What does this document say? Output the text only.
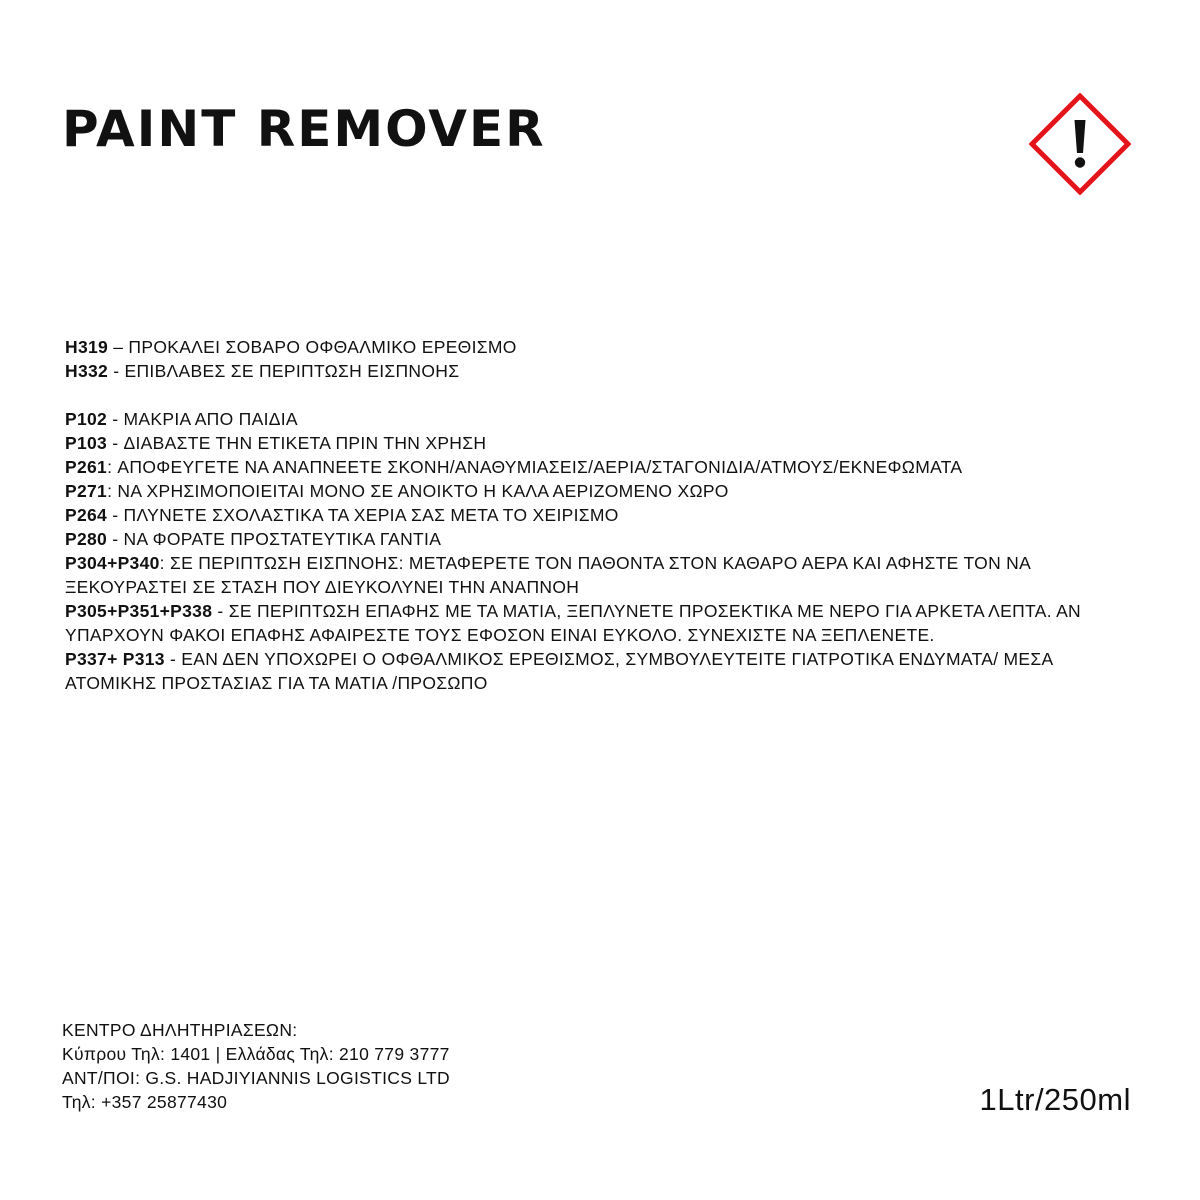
PAINT REMOVER

H319 – ΠΡΟΚΑΛΕΙ ΣΟΒΑΡΟ ΟΦΘΑΛΜΙΚΟ ΕΡΕΘΙΣΜΟ

H332 - ΕΠΙΒΛΑΒΕΣ ΣΕ ΠΕΡΙΠΤΩΣΗ ΕΙΣΠΝΟΗΣ

P102 - ΜΑΚΡΙΑ ΑΠΟ ΠΑΙΔΙΑ

P103 - ΔΙΑΒΑΣΤΕ ΤΗΝ ΕΤΙΚΕΤΑ ΠΡΙΝ ΤΗΝ ΧΡΗΣΗ

P261: ΑΠΟΦΕΥΓΕΤΕ ΝΑ ΑΝΑΠΝΕΕΤΕ ΣΚΟΝΗ/ΑΝΑΘΥΜΙΑΣΕΙΣ/ΑΕΡΙΑ/ΣΤΑΓΟΝΙΔΙΑ/ΑΤΜΟΥΣ/ΕΚΝΕΦΩΜΑΤΑ

P271: ΝΑ ΧΡΗΣΙΜΟΠΟΙΕΙΤΑΙ ΜΟΝΟ ΣΕ ΑΝΟΙΚΤΟ Η ΚΑΛΑ ΑΕΡΙΖΟΜΕΝΟ ΧΩΡΟ

P264 - ΠΛΥΝΕΤΕ ΣΧΟΛΑΣΤΙΚΑ ΤΑ ΧΕΡΙΑ ΣΑΣ ΜΕΤΑ ΤΟ ΧΕΙΡΙΣΜΟ

P280 - ΝΑ ΦΟΡΑΤΕ ΠΡΟΣΤΑΤΕΥΤΙΚΑ ΓΑΝΤΙΑ

P304+P340: ΣΕ ΠΕΡΙΠΤΩΣΗ ΕΙΣΠΝΟΗΣ: ΜΕΤΑΦΕΡΕΤΕ ΤΟΝ ΠΑΘΟΝΤΑ ΣΤΟΝ ΚΑΘΑΡΟ ΑΕΡΑ ΚΑΙ ΑΦΗΣΤΕ ΤΟΝ ΝΑ ΞΕΚΟΥΡΑΣΤΕΙ ΣΕ ΣΤΑΣΗ ΠΟΥ ΔΙΕΥΚΟΛΥΝΕΙ ΤΗΝ ΑΝΑΠΝΟΗ

P305+P351+P338 - ΣΕ ΠΕΡΙΠΤΩΣΗ ΕΠΑΦΗΣ ΜΕ ΤΑ ΜΑΤΙΑ, ΞΕΠΛΥΝΕΤΕ ΠΡΟΣΕΚΤΙΚΑ ΜΕ ΝΕΡΟ ΓΙΑ ΑΡΚΕΤΑ ΛΕΠΤΑ. ΑΝ ΥΠΑΡΧΟΥΝ ΦΑΚΟΙ ΕΠΑΦΗΣ ΑΦΑΙΡΕΣΤΕ ΤΟΥΣ ΕΦΟΣΟΝ ΕΙΝΑΙ ΕΥΚΟΛΟ. ΣΥΝΕΧΙΣΤΕ ΝΑ ΞΕΠΛΕΝΕΤΕ.

P337+ P313 - ΕΑΝ ΔΕΝ ΥΠΟΧΩΡΕΙ Ο ΟΦΘΑΛΜΙΚΟΣ ΕΡΕΘΙΣΜΟΣ, ΣΥΜΒΟΥΛΕΥΤΕΙΤΕ ΓΙΑΤΡΟΤΙΚΑ ΕΝΔΥΜΑΤΑ/ ΜΕΣΑ ΑΤΟΜΙΚΗΣ ΠΡΟΣΤΑΣΙΑΣ ΓΙΑ ΤΑ ΜΑΤΙΑ /ΠΡΟΣΩΠΟ

ΚΕΝΤΡΟ ΔΗΛΗΤΗΡΙΑΣΕΩΝ:
Κύπρου Τηλ: 1401 | Ελλάδας Τηλ: 210 779 3777
ΑΝΤ/ΠΟΙ: G.S. HADJIYIANNIS LOGISTICS LTD
Τηλ: +357 25877430	1Ltr/250ml
